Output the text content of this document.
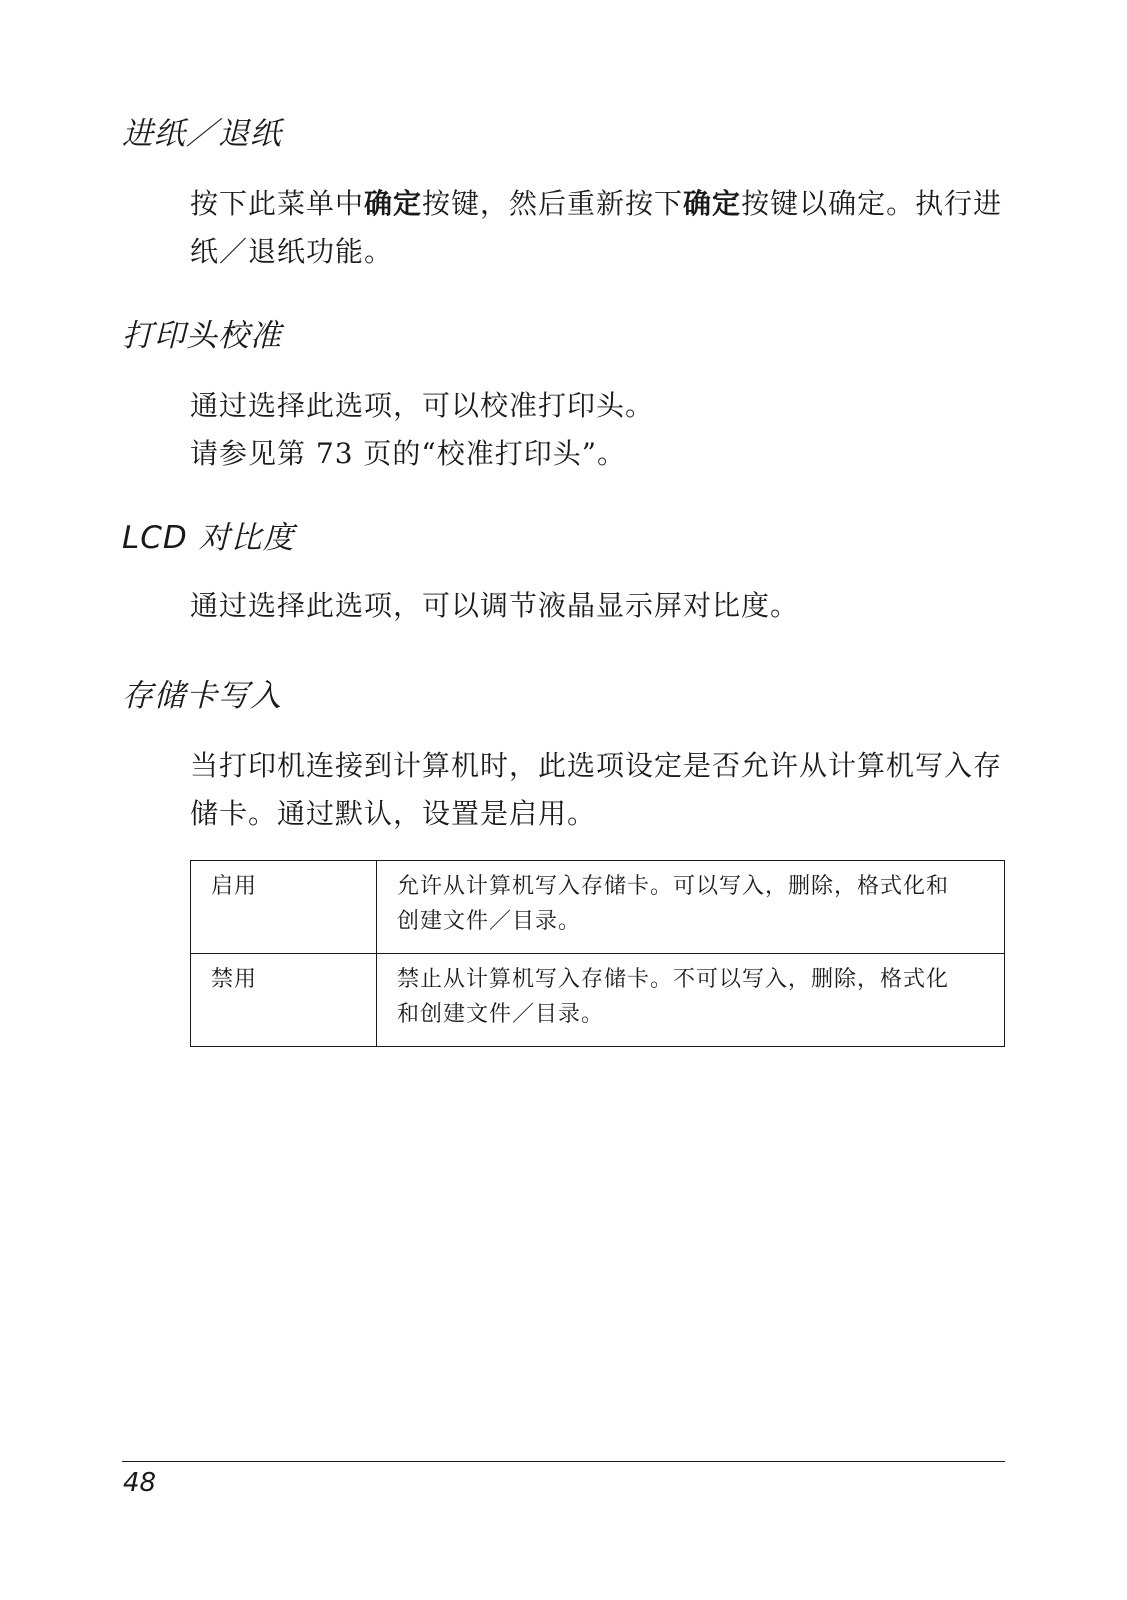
进纸／退纸

按下此菜单中确定按键，然后重新按下确定按键以确定。执行进
纸／退纸功能。

打印头校准

通过选择此选项，可以校准打印头。
请参见第 73 页的“校准打印头”。

LCD 对比度

通过选择此选项，可以调节液晶显示屏对比度。

存储卡写入

当打印机连接到计算机时，此选项设定是否允许从计算机写入存
储卡。通过默认，设置是启用。

启用	允许从计算机写入存储卡。可以写入，删除，格式化和
创建文件／目录。

禁用	禁止从计算机写入存储卡。不可以写入，删除，格式化
和创建文件／目录。
48
